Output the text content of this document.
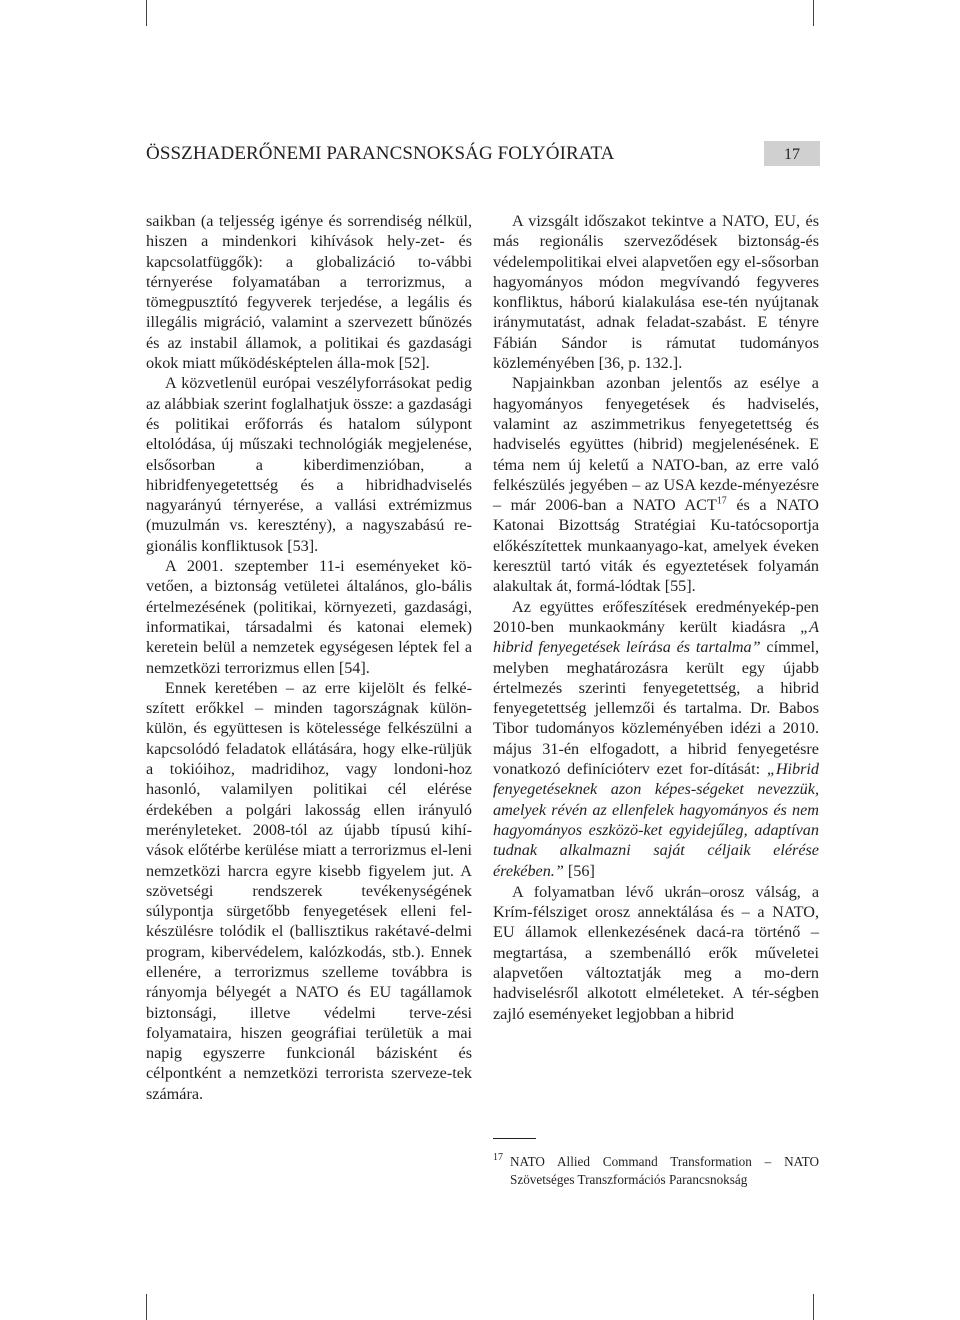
ÖSSZHADERŐNEMI PARANCSNOKSÁG FOLYÓIRATA	17

saikban (a teljesség igénye és sorrendiség nélkül, hiszen a mindenkori kihívások hely-zet- és kapcsolatfüggők): a globalizáció to-vábbi térnyerése folyamatában a terrorizmus, a tömegpusztító fegyverek terjedése, a legális és illegális migráció, valamint a szervezett bűnözés és az instabil államok, a politikai és gazdasági okok miatt működésképtelen álla-mok [52].

A közvetlenül európai veszélyforrásokat pedig az alábbiak szerint foglalhatjuk össze: a gazdasági és politikai erőforrás és hatalom súlypont eltolódása, új műszaki technológiák megjelenése, elsősorban a kiberdimenzióban, a hibridfenyegetettség és a hibridhadviselés nagyarányú térnyerése, a vallási extrémizmus (muzulmán vs. keresztény), a nagyszabású re-gionális konfliktusok [53].

A 2001. szeptember 11-i eseményeket kö-vetően, a biztonság vetületei általános, glo-bális értelmezésének (politikai, környezeti, gazdasági, informatikai, társadalmi és katonai elemek) keretein belül a nemzetek egységesen léptek fel a nemzetközi terrorizmus ellen [54].

Ennek keretében – az erre kijelölt és felké-szített erőkkel – minden tagországnak külön-külön, és együttesen is kötelessége felkészülni a kapcsolódó feladatok ellátására, hogy elke-rüljük a tokióihoz, madridihoz, vagy londoni-hoz hasonló, valamilyen politikai cél elérése érdekében a polgári lakosság ellen irányuló merényleteket. 2008-tól az újabb típusú kihí-vások előtérbe kerülése miatt a terrorizmus el-leni nemzetközi harcra egyre kisebb figyelem jut. A szövetségi rendszerek tevékenységének súlypontja sürgetőbb fenyegetések elleni fel-készülésre tolódik el (ballisztikus rakétavé-delmi program, kibervédelem, kalózkodás, stb.). Ennek ellenére, a terrorizmus szelleme továbbra is rányomja bélyegét a NATO és EU tagállamok biztonsági, illetve védelmi terve-zési folyamataira, hiszen geográfiai területük a mai napig egyszerre funkcionál bázisként és célpontként a nemzetközi terrorista szerveze-tek számára.

A vizsgált időszakot tekintve a NATO, EU, és más regionális szerveződések biztonság-és védelempolitikai elvei alapvetően egy el-sősorban hagyományos módon megvívandó fegyveres konfliktus, háború kialakulása ese-tén nyújtanak iránymutatást, adnak feladat-szabást. E tényre Fábián Sándor is rámutat tudományos közleményében [36, p. 132.].

Napjainkban azonban jelentős az esélye a hagyományos fenyegetések és hadviselés, valamint az aszimmetrikus fenyegetettség és hadviselés együttes (hibrid) megjelenésének. E téma nem új keletű a NATO-ban, az erre való felkészülés jegyében – az USA kezde-ményezésre – már 2006-ban a NATO ACT$^{17}$ és a NATO Katonai Bizottság Stratégiai Ku-tatócsoportja előkészítettek munkaanyago-kat, amelyek éveken keresztül tartó viták és egyeztetések folyamán alakultak át, formá-lódtak [55].

Az együttes erőfeszítések eredményekép-pen 2010-ben munkaokmány került kiadásra „A hibrid fenyegetések leírása és tartalma” címmel, melyben meghatározásra került egy újabb értelmezés szerinti fenyegetettség, a hibrid fenyegetettség jellemzői és tartalma. Dr. Babos Tibor tudományos közleményében idézi a 2010. május 31-én elfogadott, a hibrid fenyegetésre vonatkozó definícióterv ezet for-dítását: „Hibrid fenyegetéseknek azon képes-ségeket nevezzük, amelyek révén az ellenfelek hagyományos és nem hagyományos eszközö-ket egyidejűleg, adaptívan tudnak alkalmazni saját céljaik elérése érekében.” [56]

A folyamatban lévő ukrán–orosz válság, a Krím-félsziget orosz annektálása és – a NATO, EU államok ellenkezésének dacá-ra történő – megtartása, a szembenálló erők műveletei alapvetően változtatják meg a mo-dern hadviselésről alkotott elméleteket. A tér-ségben zajló eseményeket legjobban a hibrid

17 NATO Allied Command Transformation – NATO Szövetséges Transzformációs Parancsnokság
